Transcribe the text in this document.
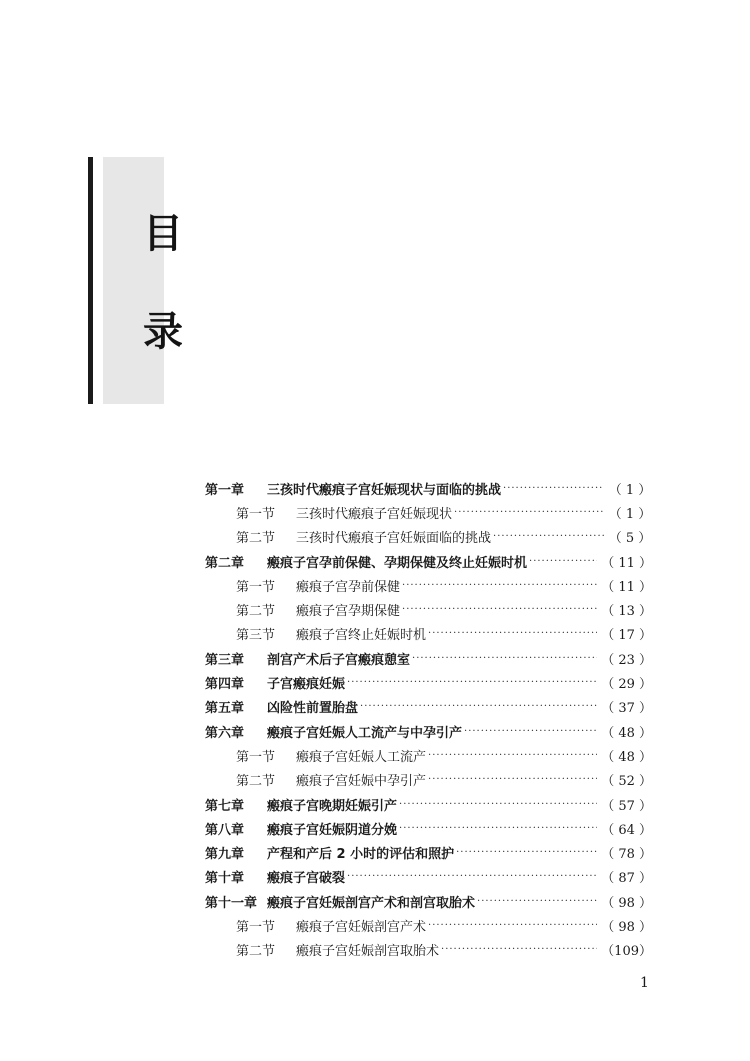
目
录
第一章	三孩时代瘢痕子宫妊娠现状与面临的挑战 ·····	（ 1 ）
第一节	三孩时代瘢痕子宫妊娠现状 ·····	（ 1 ）
第二节	三孩时代瘢痕子宫妊娠面临的挑战 ·····	（ 5 ）
第二章	瘢痕子宫孕前保健、孕期保健及终止妊娠时机 ·····	（ 11 ）
第一节	瘢痕子宫孕前保健 ·····	（ 11 ）
第二节	瘢痕子宫孕期保健 ·····	（ 13 ）
第三节	瘢痕子宫终止妊娠时机 ·····	（ 17 ）
第三章	剖宫产术后子宫瘢痕憩室 ·····	（ 23 ）
第四章	子宫瘢痕妊娠 ·····	（ 29 ）
第五章	凶险性前置胎盘 ·····	（ 37 ）
第六章	瘢痕子宫妊娠人工流产与中孕引产 ·····	（ 48 ）
第一节	瘢痕子宫妊娠人工流产 ·····	（ 48 ）
第二节	瘢痕子宫妊娠中孕引产 ·····	（ 52 ）
第七章	瘢痕子宫晚期妊娠引产 ·····	（ 57 ）
第八章	瘢痕子宫妊娠阴道分娩 ·····	（ 64 ）
第九章	产程和产后 2 小时的评估和照护 ·····	（ 78 ）
第十章	瘢痕子宫破裂 ·····	（ 87 ）
第十一章 瘢痕子宫妊娠剖宫产术和剖宫取胎术 ·····	（ 98 ）
第一节	瘢痕子宫妊娠剖宫产术 ·····	（ 98 ）
第二节	瘢痕子宫妊娠剖宫取胎术 ·····	（109）
1
